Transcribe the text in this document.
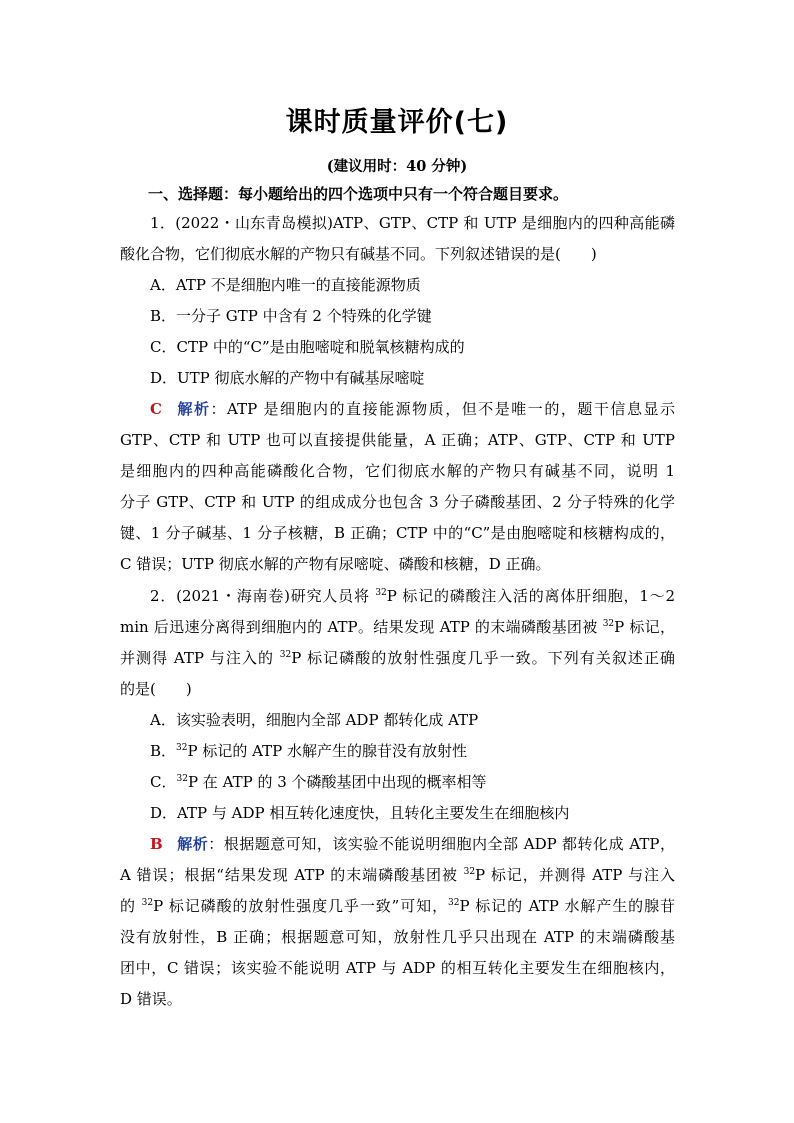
课时质量评价(七)
(建议用时：40 分钟)
一、选择题：每小题给出的四个选项中只有一个符合题目要求。
1．(2022・山东青岛模拟)ATP、GTP、CTP 和 UTP 是细胞内的四种高能磷
酸化合物，它们彻底水解的产物只有碱基不同。下列叙述错误的是(　　)
A．ATP 不是细胞内唯一的直接能源物质
B．一分子 GTP 中含有 2 个特殊的化学键
C．CTP 中的“C”是由胞嘧啶和脱氧核糖构成的
D．UTP 彻底水解的产物中有碱基尿嘧啶
C 解析：ATP 是细胞内的直接能源物质，但不是唯一的，题干信息显示
GTP、CTP 和 UTP 也可以直接提供能量，A 正确；ATP、GTP、CTP 和 UTP
是细胞内的四种高能磷酸化合物，它们彻底水解的产物只有碱基不同，说明 1
分子 GTP、CTP 和 UTP 的组成成分也包含 3 分子磷酸基团、2 分子特殊的化学
键、1 分子碱基、1 分子核糖，B 正确；CTP 中的“C”是由胞嘧啶和核糖构成的，
C 错误；UTP 彻底水解的产物有尿嘧啶、磷酸和核糖，D 正确。
2．(2021・海南卷)研究人员将 $^{32}$P 标记的磷酸注入活的离体肝细胞，1～2
min 后迅速分离得到细胞内的 ATP。结果发现 ATP 的末端磷酸基团被 $^{32}$P 标记，
并测得 ATP 与注入的 $^{32}$P 标记磷酸的放射性强度几乎一致。下列有关叙述正确
的是(　　)
A．该实验表明，细胞内全部 ADP 都转化成 ATP
B．$^{32}$P 标记的 ATP 水解产生的腺苷没有放射性
C．$^{32}$P 在 ATP 的 3 个磷酸基团中出现的概率相等
D．ATP 与 ADP 相互转化速度快，且转化主要发生在细胞核内
B 解析：根据题意可知，该实验不能说明细胞内全部 ADP 都转化成 ATP，
A 错误；根据“结果发现 ATP 的末端磷酸基团被 $^{32}$P 标记，并测得 ATP 与注入
的 $^{32}$P 标记磷酸的放射性强度几乎一致”可知，$^{32}$P 标记的 ATP 水解产生的腺苷
没有放射性，B 正确；根据题意可知，放射性几乎只出现在 ATP 的末端磷酸基
团中，C 错误；该实验不能说明 ATP 与 ADP 的相互转化主要发生在细胞核内，
D 错误。
